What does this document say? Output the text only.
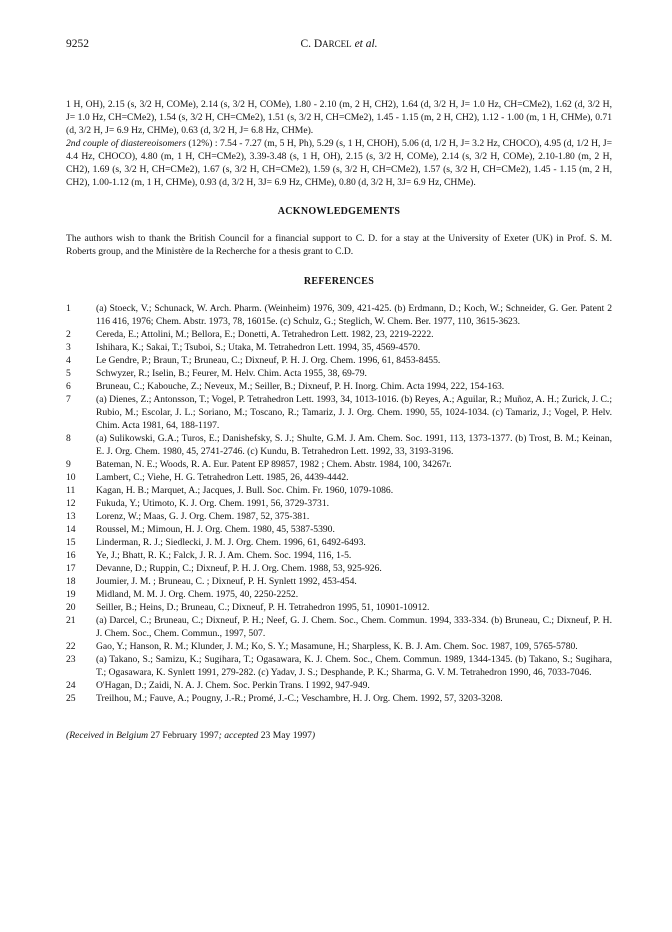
9252	C. DARCEL et al.

1 H, OH), 2.15 (s, 3/2 H, COMe), 2.14 (s, 3/2 H, COMe), 1.80 - 2.10 (m, 2 H, CH2), 1.64 (d, 3/2 H, J= 1.0 Hz, CH=CMe2), 1.62 (d, 3/2 H, J= 1.0 Hz, CH=CMe2), 1.54 (s, 3/2 H, CH=CMe2), 1.51 (s, 3/2 H, CH=CMe2), 1.45 - 1.15 (m, 2 H, CH2), 1.12 - 1.00 (m, 1 H, CHMe), 0.71 (d, 3/2 H, J= 6.9 Hz, CHMe), 0.63 (d, 3/2 H, J= 6.8 Hz, CHMe).

2nd couple of diastereoisomers (12%) : 7.54 - 7.27 (m, 5 H, Ph), 5.29 (s, 1 H, CHOH), 5.06 (d, 1/2 H, J= 3.2 Hz, CHOCO), 4.95 (d, 1/2 H, J= 4.4 Hz, CHOCO), 4.80 (m, 1 H, CH=CMe2), 3.39-3.48 (s, 1 H, OH), 2.15 (s, 3/2 H, COMe), 2.14 (s, 3/2 H, COMe), 2.10-1.80 (m, 2 H, CH2), 1.69 (s, 3/2 H, CH=CMe2), 1.67 (s, 3/2 H, CH=CMe2), 1.59 (s, 3/2 H, CH=CMe2), 1.57 (s, 3/2 H, CH=CMe2), 1.45 - 1.15 (m, 2 H, CH2), 1.00-1.12 (m, 1 H, CHMe), 0.93 (d, 3/2 H, 3J= 6.9 Hz, CHMe), 0.80 (d, 3/2 H, 3J= 6.9 Hz, CHMe).

ACKNOWLEDGEMENTS

The authors wish to thank the British Council for a financial support to C. D. for a stay at the University of Exeter (UK) in Prof. S. M. Roberts group, and the Ministère de la Recherche for a thesis grant to C.D.

REFERENCES
1	(a) Stoeck, V.; Schunack, W. Arch. Pharm. (Weinheim) 1976, 309, 421-425. (b) Erdmann, D.; Koch, W.; Schneider, G. Ger. Patent 2 116 416, 1976; Chem. Abstr. 1973, 78, 16015e. (c) Schulz, G.; Steglich, W. Chem. Ber. 1977, 110, 3615-3623.
2	Cereda, E.; Attolini, M.; Bellora, E.; Donetti, A. Tetrahedron Lett. 1982, 23, 2219-2222.
3	Ishihara, K.; Sakai, T.; Tsuboi, S.; Utaka, M. Tetrahedron Lett. 1994, 35, 4569-4570.
4	Le Gendre, P.; Braun, T.; Bruneau, C.; Dixneuf, P. H. J. Org. Chem. 1996, 61, 8453-8455.
5	Schwyzer, R.; Iselin, B.; Feurer, M. Helv. Chim. Acta 1955, 38, 69-79.
6	Bruneau, C.; Kabouche, Z.; Neveux, M.; Seiller, B.; Dixneuf, P. H. Inorg. Chim. Acta 1994, 222, 154-163.
7	(a) Dienes, Z.; Antonsson, T.; Vogel, P. Tetrahedron Lett. 1993, 34, 1013-1016. (b) Reyes, A.; Aguilar, R.; Muñoz, A. H.; Zurick, J. C.; Rubio, M.; Escolar, J. L.; Soriano, M.; Toscano, R.; Tamariz, J. J. Org. Chem. 1990, 55, 1024-1034. (c) Tamariz, J.; Vogel, P. Helv. Chim. Acta 1981, 64, 188-1197.
8	(a) Sulikowski, G.A.; Turos, E.; Danishefsky, S. J.; Shulte, G.M. J. Am. Chem. Soc. 1991, 113, 1373-1377. (b) Trost, B. M.; Keinan, E. J. Org. Chem. 1980, 45, 2741-2746. (c) Kundu, B. Tetrahedron Lett. 1992, 33, 3193-3196.
9	Bateman, N. E.; Woods, R. A. Eur. Patent EP 89857, 1982 ; Chem. Abstr. 1984, 100, 34267r.
10 Lambert, C.; Viehe, H. G. Tetrahedron Lett. 1985, 26, 4439-4442.
11 Kagan, H. B.; Marquet, A.; Jacques, J. Bull. Soc. Chim. Fr. 1960, 1079-1086.
12 Fukuda, Y.; Utimoto, K. J. Org. Chem. 1991, 56, 3729-3731.
13 Lorenz, W.; Maas, G. J. Org. Chem. 1987, 52, 375-381.
14 Roussel, M.; Mimoun, H. J. Org. Chem. 1980, 45, 5387-5390.
15 Linderman, R. J.; Siedlecki, J. M. J. Org. Chem. 1996, 61, 6492-6493.
16 Ye, J.; Bhatt, R. K.; Falck, J. R. J. Am. Chem. Soc. 1994, 116, 1-5.
17 Devanne, D.; Ruppin, C.; Dixneuf, P. H. J. Org. Chem. 1988, 53, 925-926.
18 Joumier, J. M. ; Bruneau, C. ; Dixneuf, P. H. Synlett 1992, 453-454.
19 Midland, M. M. J. Org. Chem. 1975, 40, 2250-2252.
20 Seiller, B.; Heins, D.; Bruneau, C.; Dixneuf, P. H. Tetrahedron 1995, 51, 10901-10912.
21 (a) Darcel, C.; Bruneau, C.; Dixneuf, P. H.; Neef, G. J. Chem. Soc., Chem. Commun. 1994, 333-334. (b) Bruneau, C.; Dixneuf, P. H. J. Chem. Soc., Chem. Commun., 1997, 507.
22 Gao, Y.; Hanson, R. M.; Klunder, J. M.; Ko, S. Y.; Masamune, H.; Sharpless, K. B. J. Am. Chem. Soc. 1987, 109, 5765-5780.
23 (a) Takano, S.; Samizu, K.; Sugihara, T.; Ogasawara, K. J. Chem. Soc., Chem. Commun. 1989, 1344-1345. (b) Takano, S.; Sugihara, T.; Ogasawara, K. Synlett 1991, 279-282. (c) Yadav, J. S.; Desphande, P. K.; Sharma, G. V. M. Tetrahedron 1990, 46, 7033-7046.
24 O'Hagan, D.; Zaidi, N. A. J. Chem. Soc. Perkin Trans. I 1992, 947-949.
25 Treilhou, M.; Fauve, A.; Pougny, J.-R.; Promé, J.-C.; Veschambre, H. J. Org. Chem. 1992, 57, 3203-3208.

(Received in Belgium 27 February 1997; accepted 23 May 1997)
